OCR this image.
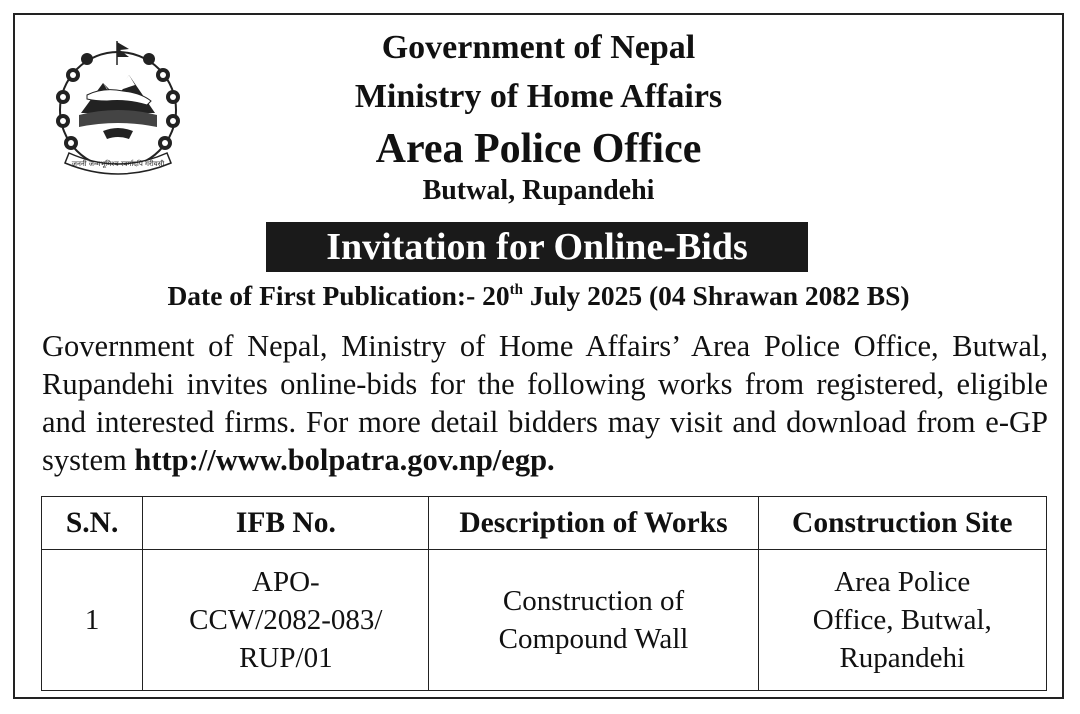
जननी जन्मभूमिश्च स्वर्गादपि गरीयसी
Government of Nepal
Ministry of Home Affairs
Area Police Office
Butwal, Rupandehi
Invitation for Online-Bids
Date of First Publication:- 20th July 2025 (04 Shrawan 2082 BS)
Government of Nepal, Ministry of Home Affairs’ Area Police Office, Butwal, Rupandehi invites online-bids for the following works from registered, eligible and interested firms. For more detail bidders may visit and download from e-GP system http://www.bolpatra.gov.np/egp.
S.N.	IFB No.	Description of Works	Construction Site
1	APO-
CCW/2082-083/
RUP/01	Construction of
Compound Wall	Area Police
Office, Butwal,
Rupandehi
